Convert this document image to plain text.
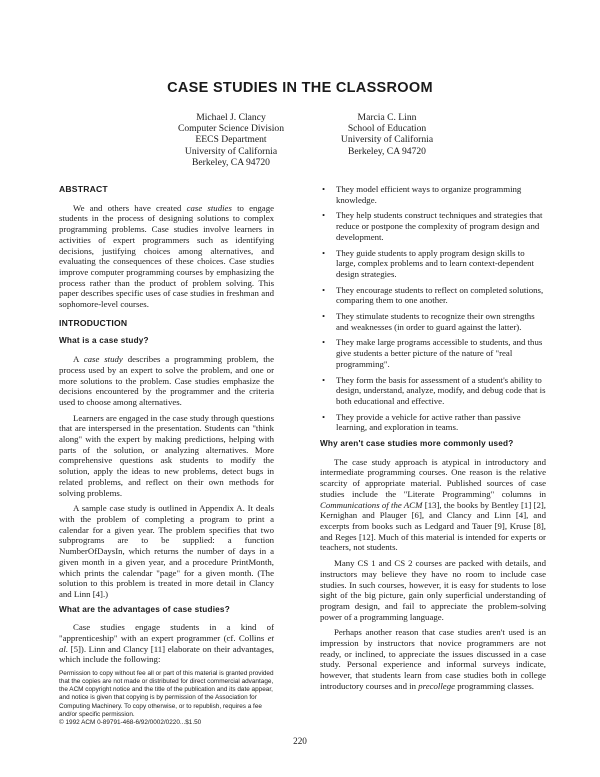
CASE STUDIES IN THE CLASSROOM
Michael J. Clancy
Computer Science Division
EECS Department
University of California
Berkeley, CA 94720
Marcia C. Linn
School of Education
University of California
Berkeley, CA 94720
ABSTRACT

We and others have created case studies to engage students in the process of designing solutions to complex programming problems. Case studies involve learners in activities of expert programmers such as identifying decisions, justifying choices among alternatives, and evaluating the consequences of these choices. Case studies improve computer programming courses by emphasizing the process rather than the product of problem solving. This paper describes specific uses of case studies in freshman and sophomore-level courses.

INTRODUCTION
What is a case study?

A case study describes a programming problem, the process used by an expert to solve the problem, and one or more solutions to the problem. Case studies emphasize the decisions encountered by the programmer and the criteria used to choose among alternatives.

Learners are engaged in the case study through questions that are interspersed in the presentation. Students can "think along" with the expert by making predictions, helping with parts of the solution, or analyzing alternatives. More comprehensive questions ask students to modify the solution, apply the ideas to new problems, detect bugs in related problems, and reflect on their own methods for solving problems.

A sample case study is outlined in Appendix A. It deals with the problem of completing a program to print a calendar for a given year. The problem specifies that two subprograms are to be supplied: a function NumberOfDaysIn, which returns the number of days in a given month in a given year, and a procedure PrintMonth, which prints the calendar "page" for a given month. (The solution to this problem is treated in more detail in Clancy and Linn [4].)

What are the advantages of case studies?

Case studies engage students in a kind of "apprenticeship" with an expert programmer (cf. Collins et al. [5]). Linn and Clancy [11] elaborate on their advantages, which include the following:

Permission to copy without fee all or part of this material is granted provided that the copies are not made or distributed for direct commercial advantage, the ACM copyright notice and the title of the publication and its date appear, and notice is given that copying is by permission of the Association for Computing Machinery. To copy otherwise, or to republish, requires a fee and/or specific permission.
© 1992 ACM 0-89791-468-6/92/0002/0220...$1.50
• They model efficient ways to organize programming knowledge.
• They help students construct techniques and strategies that reduce or postpone the complexity of program design and development.
• They guide students to apply program design skills to large, complex problems and to learn context-dependent design strategies.
• They encourage students to reflect on completed solutions, comparing them to one another.
• They stimulate students to recognize their own strengths and weaknesses (in order to guard against the latter).
• They make large programs accessible to students, and thus give students a better picture of the nature of "real programming".
• They form the basis for assessment of a student's ability to design, understand, analyze, modify, and debug code that is both educational and effective.
• They provide a vehicle for active rather than passive learning, and exploration in teams.
Why aren't case studies more commonly used?

The case study approach is atypical in introductory and intermediate programming courses. One reason is the relative scarcity of appropriate material. Published sources of case studies include the "Literate Programming" columns in Communications of the ACM [13], the books by Bentley [1] [2], Kernighan and Plauger [6], and Clancy and Linn [4], and excerpts from books such as Ledgard and Tauer [9], Kruse [8], and Reges [12]. Much of this material is intended for experts or teachers, not students.

Many CS 1 and CS 2 courses are packed with details, and instructors may believe they have no room to include case studies. In such courses, however, it is easy for students to lose sight of the big picture, gain only superficial understanding of program design, and fail to appreciate the problem-solving power of a programming language.

Perhaps another reason that case studies aren't used is an impression by instructors that novice programmers are not ready, or inclined, to appreciate the issues discussed in a case study. Personal experience and informal surveys indicate, however, that students learn from case studies both in college introductory courses and in precollege programming classes.

220
